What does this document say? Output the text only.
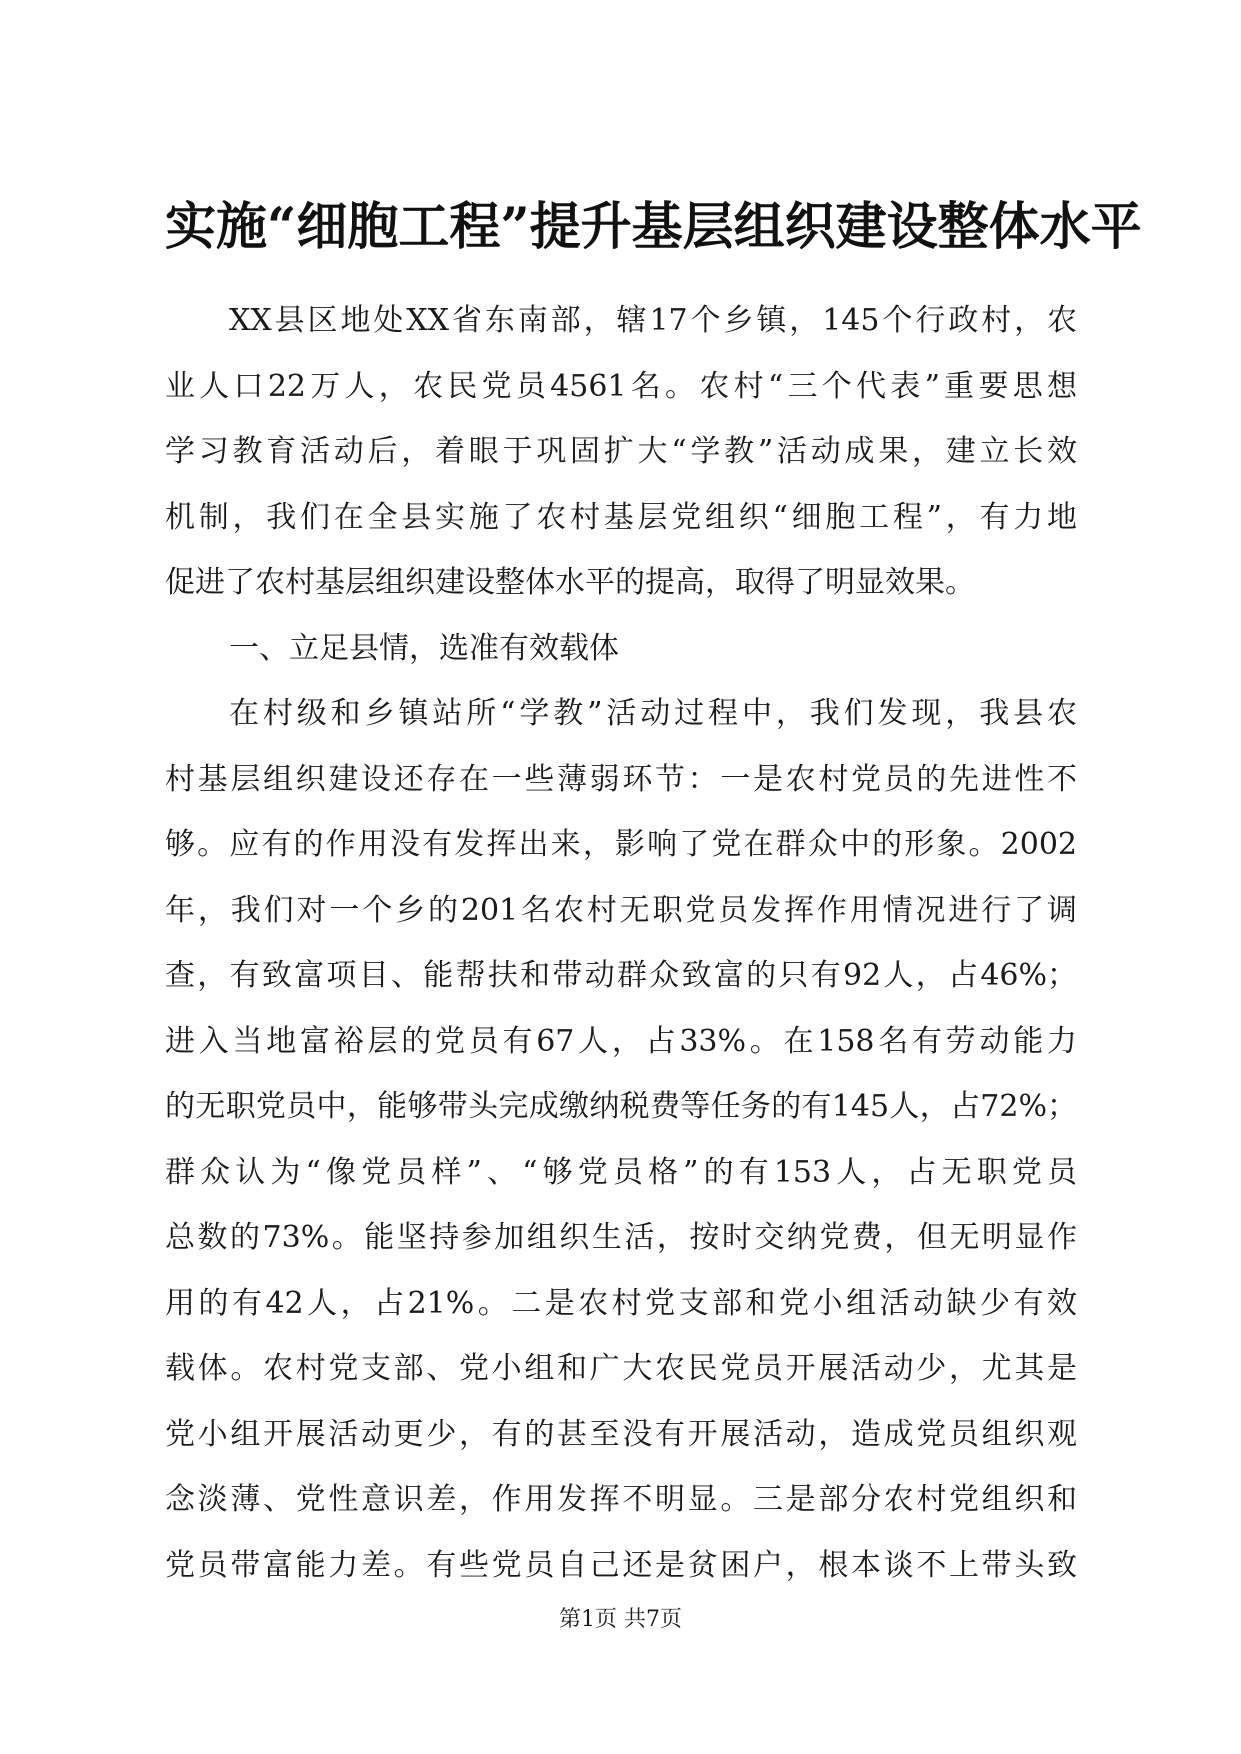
实施“细胞工程”提升基层组织建设整体水平
XX县区地处XX省东南部，辖17个乡镇，145个行政村，农
业人口22万人，农民党员4561名。农村“三个代表”重要思想
学习教育活动后，着眼于巩固扩大“学教”活动成果，建立长效
机制，我们在全县实施了农村基层党组织“细胞工程”，有力地
促进了农村基层组织建设整体水平的提高，取得了明显效果。
一、立足县情，选准有效载体
在村级和乡镇站所“学教”活动过程中，我们发现，我县农
村基层组织建设还存在一些薄弱环节：一是农村党员的先进性不
够。应有的作用没有发挥出来，影响了党在群众中的形象。2002
年，我们对一个乡的201名农村无职党员发挥作用情况进行了调
查，有致富项目、能帮扶和带动群众致富的只有92人，占46%；
进入当地富裕层的党员有67人，占33%。在158名有劳动能力
的无职党员中，能够带头完成缴纳税费等任务的有145人，占72%；
群众认为“像党员样”、“够党员格”的有153人，占无职党员
总数的73%。能坚持参加组织生活，按时交纳党费，但无明显作
用的有42人，占21%。二是农村党支部和党小组活动缺少有效
载体。农村党支部、党小组和广大农民党员开展活动少，尤其是
党小组开展活动更少，有的甚至没有开展活动，造成党员组织观
念淡薄、党性意识差，作用发挥不明显。三是部分农村党组织和
党员带富能力差。有些党员自己还是贫困户，根本谈不上带头致
第1页 共7页
